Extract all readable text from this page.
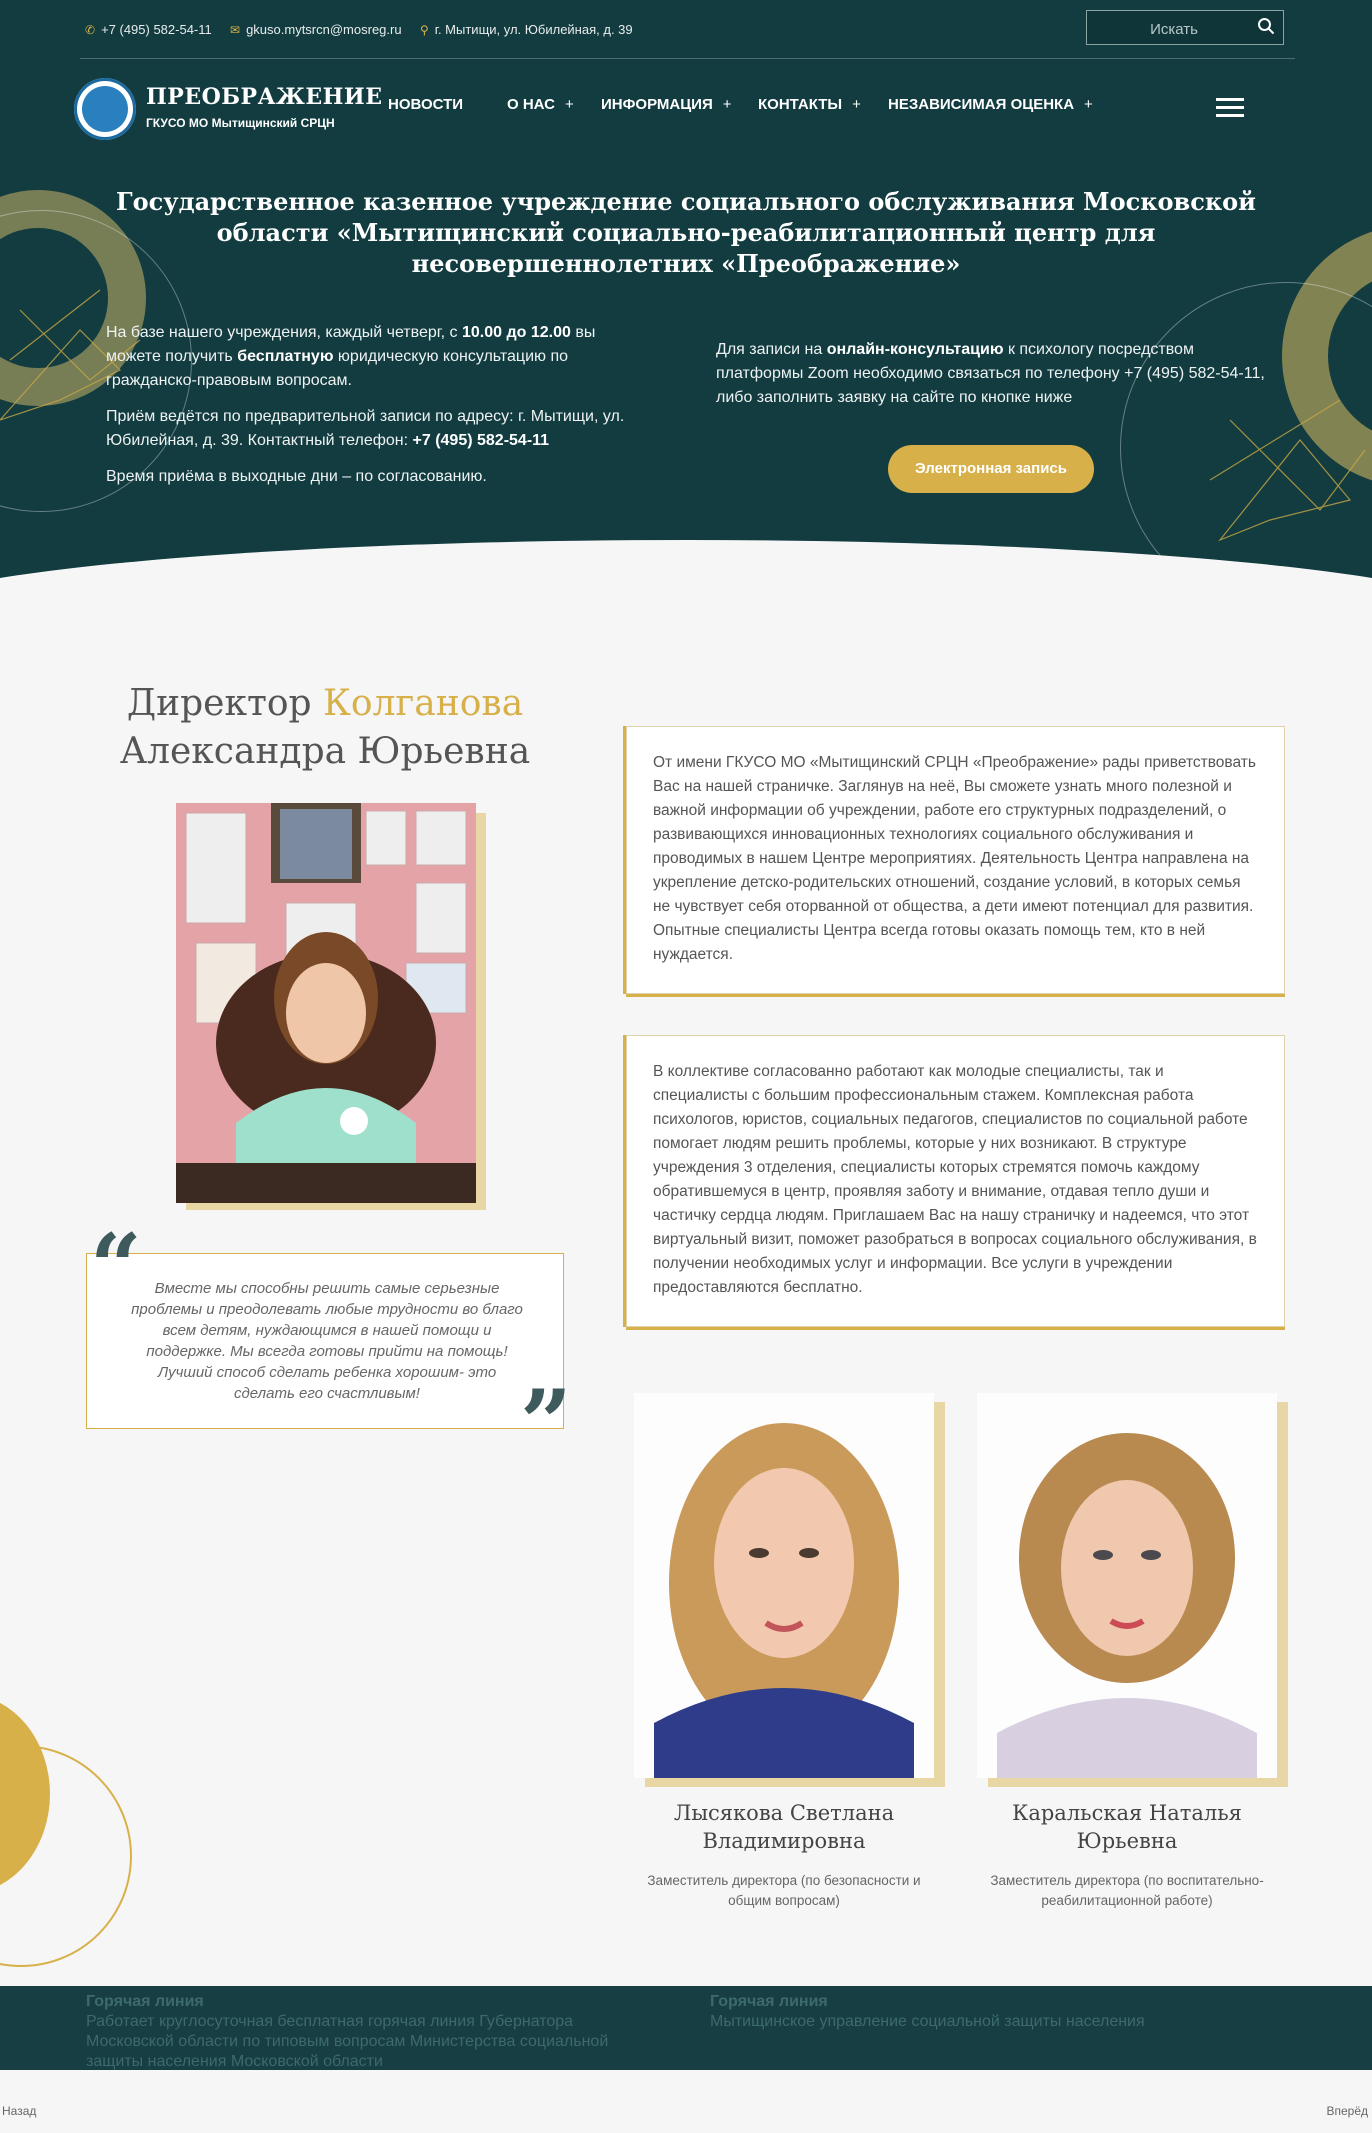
✆ +7 (495) 582-54-11 ✉ gkuso.mytsrcn@mosreg.ru ⚲ г. Мытищи, ул. Юбилейная, д. 39
Искать
ПРЕОБРАЖЕНИЕ
ГКУСО МО Мытищинский СРЦН
НОВОСТИ	О НАС + ИНФОРМАЦИЯ + КОНТАКТЫ + НЕЗАВИСИМАЯ ОЦЕНКА +
Государственное казенное учреждение социального обслуживания Московской области «Мытищинский социально-реабилитационный центр для несовершеннолетних «Преображение»

На базе нашего учреждения, каждый четверг, с 10.00 до 12.00 вы можете получить бесплатную юридическую консультацию по гражданско-правовым вопросам.

Приём ведётся по предварительной записи по адресу: г. Мытищи, ул. Юбилейная, д. 39. Контактный телефон: +7 (495) 582-54-11

Время приёма в выходные дни – по согласованию.

Для записи на онлайн-консультацию к психологу посредством платформы Zoom необходимо связаться по телефону +7 (495) 582-54-11, либо заполнить заявку на сайте по кнопке ниже

Электронная запись
Директор Колганова
Александра Юрьевна
Вместе мы способны решить самые серьезные проблемы и преодолевать любые трудности во благо всем детям, нуждающимся в нашей помощи и поддержке. Мы всегда готовы прийти на помощь! Лучший способ сделать ребенка хорошим- это сделать его счастливым!
“
”

От имени ГКУСО МО «Мытищинский СРЦН «Преображение» рады приветствовать Вас на нашей страничке. Заглянув на неё, Вы сможете узнать много полезной и важной информации об учреждении, работе его структурных подразделений, о развивающихся инновационных технологиях социального обслуживания и проводимых в нашем Центре мероприятиях. Деятельность Центра направлена на укрепление детско-родительских отношений, создание условий, в которых семья не чувствует себя оторванной от общества, а дети имеют потенциал для развития. Опытные специалисты Центра всегда готовы оказать помощь тем, кто в ней нуждается.

В коллективе согласованно работают как молодые специалисты, так и специалисты с большим профессиональным стажем. Комплексная работа психологов, юристов, социальных педагогов, специалистов по социальной работе помогает людям решить проблемы, которые у них возникают. В структуре учреждения 3 отделения, специалисты которых стремятся помочь каждому обратившемуся в центр, проявляя заботу и внимание, отдавая тепло души и частичку сердца людям. Приглашаем Вас на нашу страничку и надеемся, что этот виртуальный визит, поможет разобраться в вопросах социального обслуживания, в получении необходимых услуг и информации. Все услуги в учреждении предоставляются бесплатно.

Лысякова Светлана Владимировна
Заместитель директора (по безопасности и общим вопросам)
Каральская Наталья Юрьевна
Заместитель директора (по воспитательно-реабилитационной работе)
Горячая линия
Работает круглосуточная бесплатная горячая линия Губернатора Московской области по типовым вопросам Министерства социальной защиты населения Московской области
Горячая линия
Мытищинское управление социальной защиты населения
Назад	Вперёд
